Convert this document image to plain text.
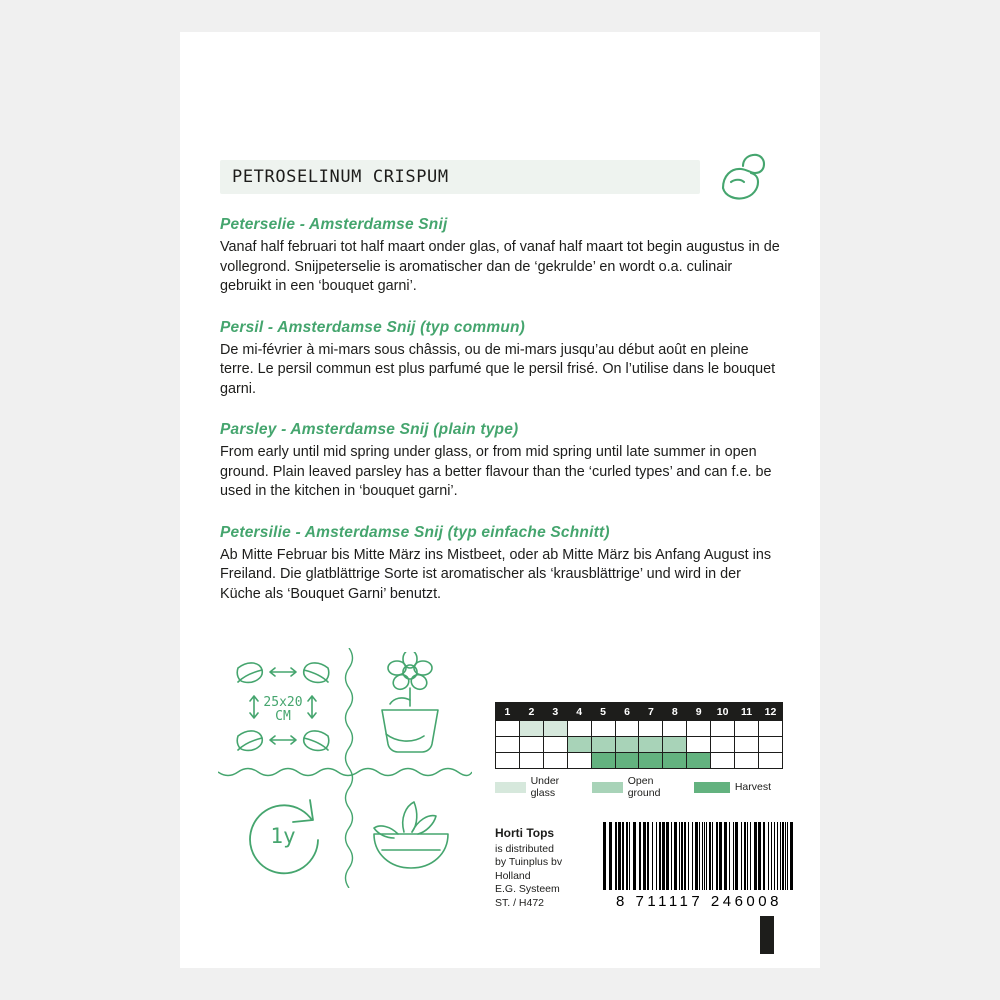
PETROSELINUM CRISPUM
Peterselie - Amsterdamse Snij

Vanaf half februari tot half maart onder glas, of vanaf half maart tot begin augustus in de vollegrond. Snijpeterselie is aromatischer dan de ‘gekrulde’ en wordt o.a. culinair gebruikt in een ‘bouquet garni’.

Persil - Amsterdamse Snij (typ commun)

De mi-février à mi-mars sous châssis, ou de mi-mars jusqu’au début août en pleine terre. Le persil commun est plus parfumé que le persil frisé. On l’utilise dans le bouquet garni.

Parsley - Amsterdamse Snij (plain type)

From early until mid spring under glass, or from mid spring until late summer in open ground. Plain leaved parsley has a better flavour than the ‘curled types’ and can f.e. be used in the kitchen in ‘bouquet garni’.

Petersilie - Amsterdamse Snij (typ einfache Schnitt)

Ab Mitte Februar bis Mitte März ins Mistbeet, oder ab Mitte März bis Anfang August ins Freiland. Die glatblättrige Sorte ist aromatischer als ‘krausblättrige’ und wird in der Küche als ‘Bouquet Garni’ benutzt.

25x20
CM
1y
1	2	3	4	5	6	7	8	9	10	11	12

Under glass
Open ground	Harvest
Horti Tops
is distributed
by Tuinplus bv
Holland
E.G. Systeem
ST. / H472	8 711117 246008
